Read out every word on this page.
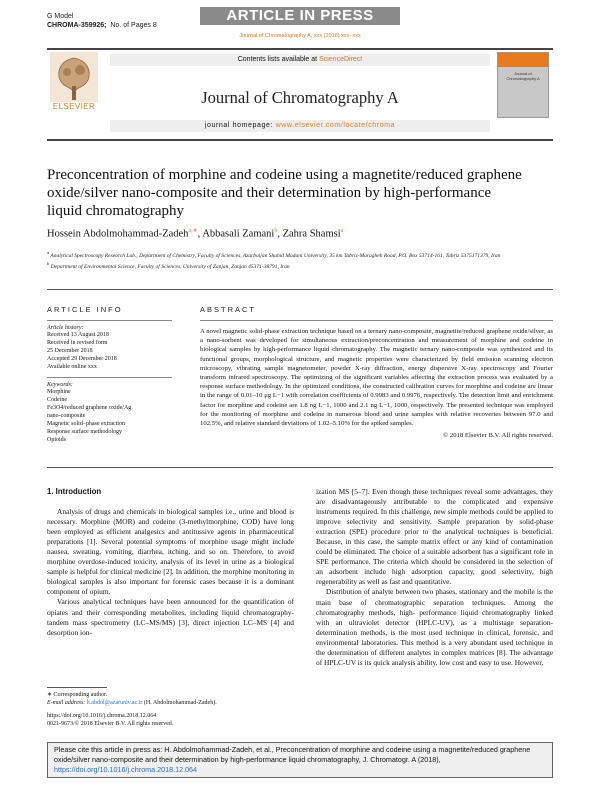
G Model
CHROMA-359926; No. of Pages 8
ARTICLE IN PRESS
Journal of Chromatography A, xxx (2018) xxx–xxx
ELSEVIER
Contents lists available at ScienceDirect
Journal of Chromatography A
journal homepage: www.elsevier.com/locate/chroma
Journal of Chromatography A
Preconcentration of morphine and codeine using a magnetite/reduced graphene oxide/silver nano-composite and their determination by high-performance liquid chromatography
Hossein Abdolmohammad-Zadeh$^{a,∗}$, Abbasali Zamani$^b$, Zahra Shamsi$^a$
$^a$ Analytical Spectroscopy Research Lab., Department of Chemistry, Faculty of Sciences, Azarbaijan Shahid Madani University, 35 km Tabriz-Maragheh Road, P.O. Box 53714-161, Tabriz 5375171379, Iran
$^b$ Department of Environmental Science, Faculty of Sciences, University of Zanjan, Zanjan 45371-38791, Iran
ARTICLE INFO
Article history:
Received 13 August 2018
Received in revised form
25 December 2018
Accepted 29 December 2018
Available online xxx
Keywords:
Morphine
Codeine
Fe3O4/reduced graphene oxide/Ag
nano-composite
Magnetic solid–phase extraction
Response surface methodology
Opioids
ABSTRACT
A novel magnetic solid-phase extraction technique based on a ternary nano-composite, magnetite/reduced graphene oxide/silver, as a nano-sorbent was developed for simultaneous extraction/preconcentration and measurement of morphine and codeine in biological samples by high-performance liquid chromatography. The magnetic ternary nano-composite was synthesized and its functional groups, morphological structure, and magnetic properties were characterized by field emission scanning electron microscopy, vibrating sample magnetometer, powder X-ray diffraction, energy dispersive X-ray spectroscopy and Fourier transform infrared spectroscopy. The optimizing of the significant variables affecting the extraction process was evaluated by a response surface methodology. In the optimized conditions, the constructed calibration curves for morphine and codeine are linear in the range of 0.01–10 μg L−1 with correlation coefficients of 0.9983 and 0.9976, respectively. The detection limit and enrichment factor for morphine and codeine are 1.8 ng L−1, 1000 and 2.1 ng L−1, 1000, respectively. The presented technique was employed for the monitoring of morphine and codeine in numerous blood and urine samples with relative recoveries between 97.0 and 102.5%, and relative standard deviations of 1.02–5.10% for the spiked samples.
© 2018 Elsevier B.V. All rights reserved.
1. Introduction

Analysis of drugs and chemicals in biological samples i.e., urine and blood is necessary. Morphine (MOR) and codeine (3-methylmorphine, COD) have long been employed as efficient analgesics and antitussive agents in pharmaceutical preparations [1]. Several potential symptoms of morphine usage might include nausea, sweating, vomiting, diarrhea, itching, and so on. Therefore, to avoid morphine overdose-induced toxicity, analysis of its level in urine as a biological sample is helpful for clinical medicine [2]. In addition, the morphine monitoring in biological samples is also important for forensic cases because it is a dominant component of opium.

Various analytical techniques have been announced for the quantification of opiates and their corresponding metabolites, including liquid chromatography-tandem mass spectrometry (LC–MS/MS) [3], direct injection LC–MS [4] and desorption ion-

ization MS [5–7]. Even though these techniques reveal some advantages, they are disadvantageously attributable to the complicated and expensive instruments required. In this challenge, new simple methods could be applied to improve selectivity and sensitivity. Sample preparation by solid-phase extraction (SPE) procedure prior to the analytical techniques is beneficial. Because, in this case, the sample matrix effect or any kind of contamination could be eliminated. The choice of a suitable adsorbent has a significant role in SPE performance. The criteria which should be considered in the selection of an adsorbent include high adsorption capacity, good selectivity, high regenerability as well as fast and quantitative.

Distribution of analyte between two phases, stationary and the mobile is the main base of chromatographic separation techniques. Among the chromatography methods, high- performance liquid chromatography linked with an ultraviolet detector (HPLC-UV), as a multistage separation-determination methods, is the most used technique in clinical, forensic, and environmental laboratories. This method is a very abundant used technique in the determination of different analytes in complex matrices [8]. The advantage of HPLC-UV is its quick analysis ability, low cost and easy to use. However,

∗ Corresponding author.
E-mail address: h.abdol@azaruniv.ac.ir (H. Abdolmohammad-Zadeh).
https://doi.org/10.1016/j.chroma.2018.12.064
0021-9673/© 2018 Elsevier B.V. All rights reserved.
Please cite this article in press as: H. Abdolmohammad-Zadeh, et al., Preconcentration of morphine and codeine using a magnetite/reduced graphene oxide/silver nano-composite and their determination by high-performance liquid chromatography, J. Chromatogr. A (2018), https://doi.org/10.1016/j.chroma.2018.12.064
